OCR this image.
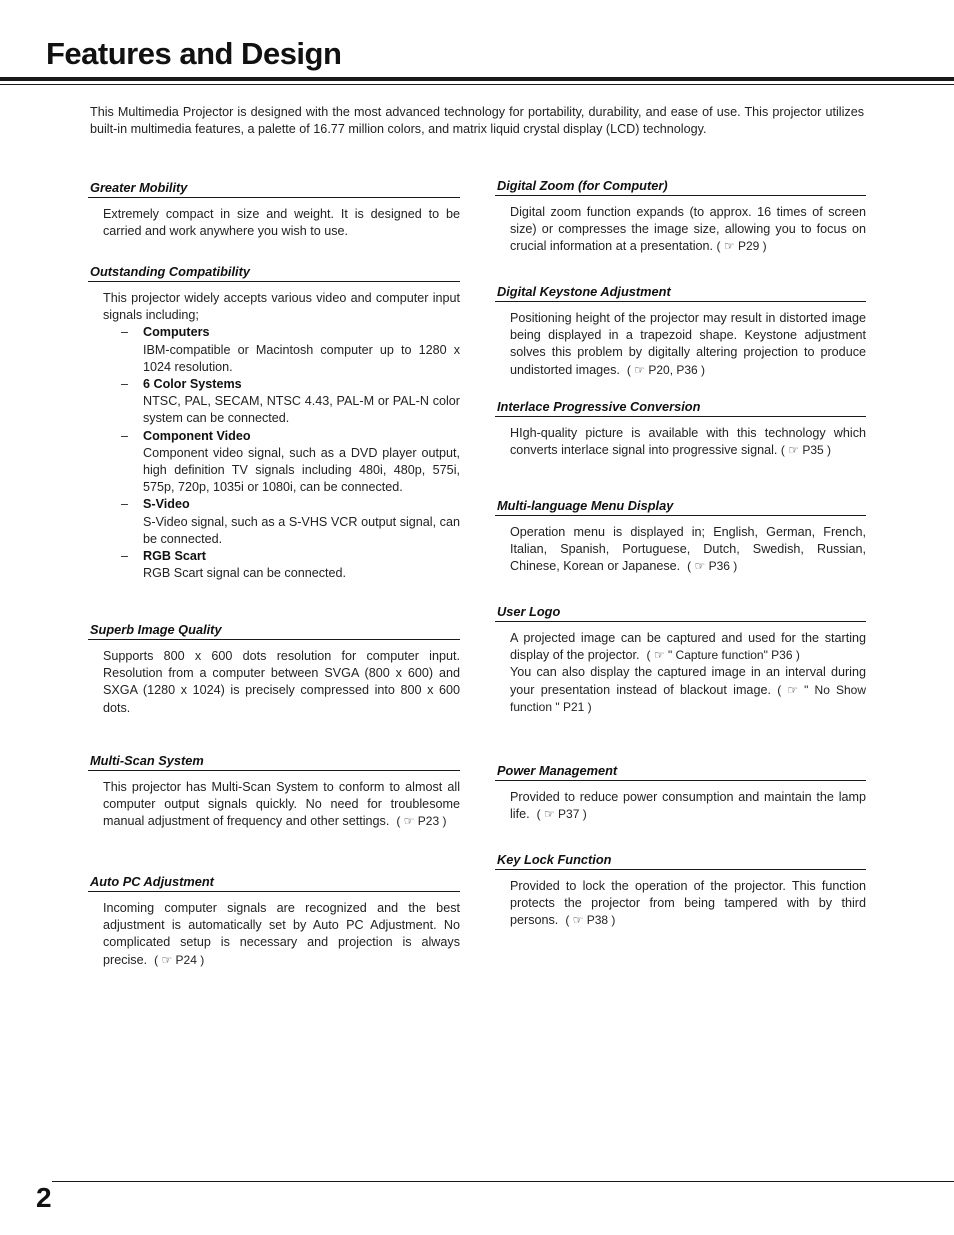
Features and Design

This Multimedia Projector is designed with the most advanced technology for portability, durability, and ease of use. This projector utilizes built-in multimedia features, a palette of 16.77 million colors, and matrix liquid crystal display (LCD) technology.

Greater Mobility

Extremely compact in size and weight. It is designed to be carried and work anywhere you wish to use.

Outstanding Compatibility

This projector widely accepts various video and computer input signals including;

– Computers
IBM-compatible or Macintosh computer up to 1280 x 1024 resolution.
– 6 Color Systems
NTSC, PAL, SECAM, NTSC 4.43, PAL-M or PAL-N color system can be connected.
– Component Video
Component video signal, such as a DVD player output, high definition TV signals including 480i, 480p, 575i, 575p, 720p, 1035i or 1080i, can be connected.
– S-Video
S-Video signal, such as a S-VHS VCR output signal, can be connected.
– RGB Scart
RGB Scart signal can be connected.
Superb Image Quality

Supports 800 x 600 dots resolution for computer input. Resolution from a computer between SVGA (800 x 600) and SXGA (1280 x 1024) is precisely compressed into 800 x 600 dots.

Multi-Scan System

This projector has Multi-Scan System to conform to almost all computer output signals quickly. No need for troublesome manual adjustment of frequency and other settings. ( ☞ P23 )

Auto PC Adjustment

Incoming computer signals are recognized and the best adjustment is automatically set by Auto PC Adjustment. No complicated setup is necessary and projection is always precise. ( ☞ P24 )

Digital Zoom (for Computer)

Digital zoom function expands (to approx. 16 times of screen size) or compresses the image size, allowing you to focus on crucial information at a presentation. ( ☞ P29 )

Digital Keystone Adjustment

Positioning height of the projector may result in distorted image being displayed in a trapezoid shape. Keystone adjustment solves this problem by digitally altering projection to produce undistorted images. ( ☞ P20, P36 )

Interlace Progressive Conversion

HIgh-quality picture is available with this technology which converts interlace signal into progressive signal. ( ☞ P35 )

Multi-language Menu Display

Operation menu is displayed in; English, German, French, Italian, Spanish, Portuguese, Dutch, Swedish, Russian, Chinese, Korean or Japanese. ( ☞ P36 )

User Logo

A projected image can be captured and used for the starting display of the projector. ( ☞ " Capture function" P36 )

You can also display the captured image in an interval during your presentation instead of blackout image. ( ☞ " No Show function " P21 )

Power Management

Provided to reduce power consumption and maintain the lamp life. ( ☞ P37 )

Key Lock Function

Provided to lock the operation of the projector. This function protects the projector from being tampered with by third persons. ( ☞ P38 )

2
